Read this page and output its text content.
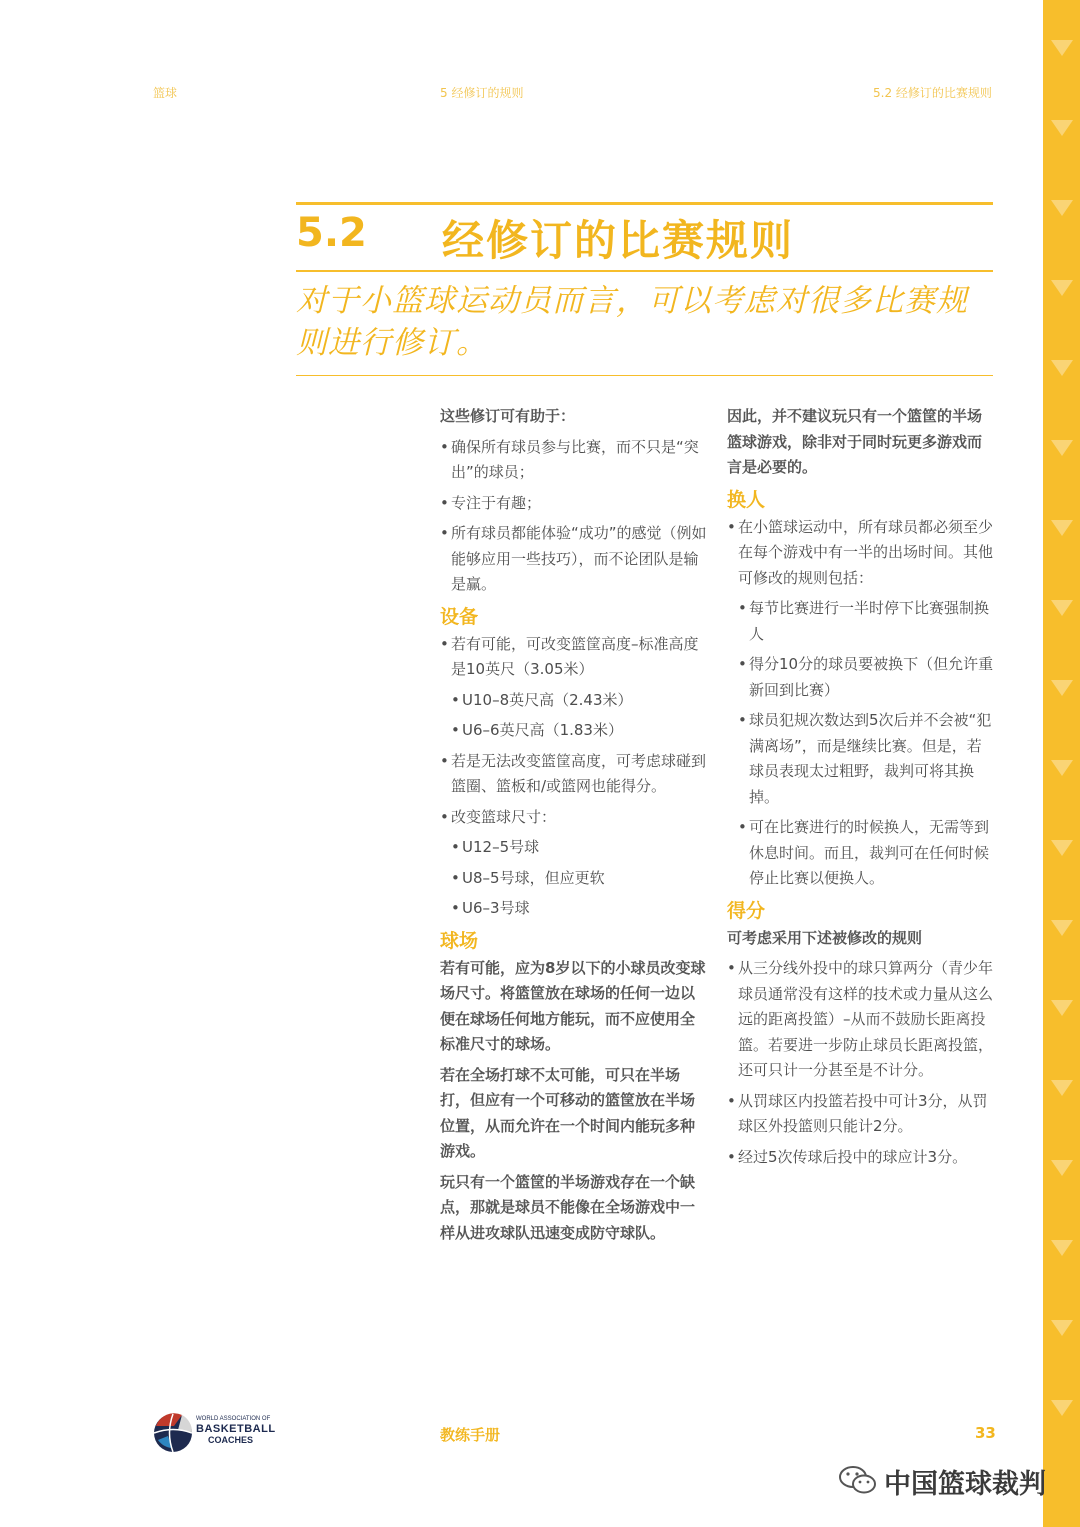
篮球	5 经修订的规则	5.2 经修订的比赛规则
5.2 经修订的比赛规则
对于小篮球运动员而言，可以考虑对很多比赛规则进行修订。

这些修订可有助于：

• 确保所有球员参与比赛，而不只是“突出”的球员；
• 专注于有趣；
• 所有球员都能体验“成功”的感觉（例如能够应用一些技巧），而不论团队是输是赢。
设备
• 若有可能，可改变篮筐高度–标准高度是10英尺（3.05米）
• U10–8英尺高（2.43米）
• U6–6英尺高（1.83米）
• 若是无法改变篮筐高度，可考虑球碰到篮圈、篮板和/或篮网也能得分。
• 改变篮球尺寸：
• U12–5号球
• U8–5号球，但应更软
• U6–3号球
球场

若有可能，应为8岁以下的小球员改变球场尺寸。将篮筐放在球场的任何一边以便在球场任何地方能玩，而不应使用全标准尺寸的球场。

若在全场打球不太可能，可只在半场打，但应有一个可移动的篮筐放在半场位置，从而允许在一个时间内能玩多种游戏。

玩只有一个篮筐的半场游戏存在一个缺点，那就是球员不能像在全场游戏中一样从进攻球队迅速变成防守球队。

因此，并不建议玩只有一个篮筐的半场篮球游戏，除非对于同时玩更多游戏而言是必要的。

换人
• 在小篮球运动中，所有球员都必须至少在每个游戏中有一半的出场时间。其他可修改的规则包括：
• 每节比赛进行一半时停下比赛强制换人
• 得分10分的球员要被换下（但允许重新回到比赛）
• 球员犯规次数达到5次后并不会被“犯满离场”，而是继续比赛。但是，若球员表现太过粗野，裁判可将其换掉。
• 可在比赛进行的时候换人，无需等到休息时间。而且，裁判可在任何时候停止比赛以便换人。
得分

可考虑采用下述被修改的规则

• 从三分线外投中的球只算两分（青少年球员通常没有这样的技术或力量从这么远的距离投篮）–从而不鼓励长距离投篮。若要进一步防止球员长距离投篮，还可只计一分甚至是不计分。
• 从罚球区内投篮若投中可计3分，从罚球区外投篮则只能计2分。
• 经过5次传球后投中的球应计3分。
WORLD ASSOCIATION OF
BASKETBALL
COACHES	教练手册	33
中国篮球裁判
